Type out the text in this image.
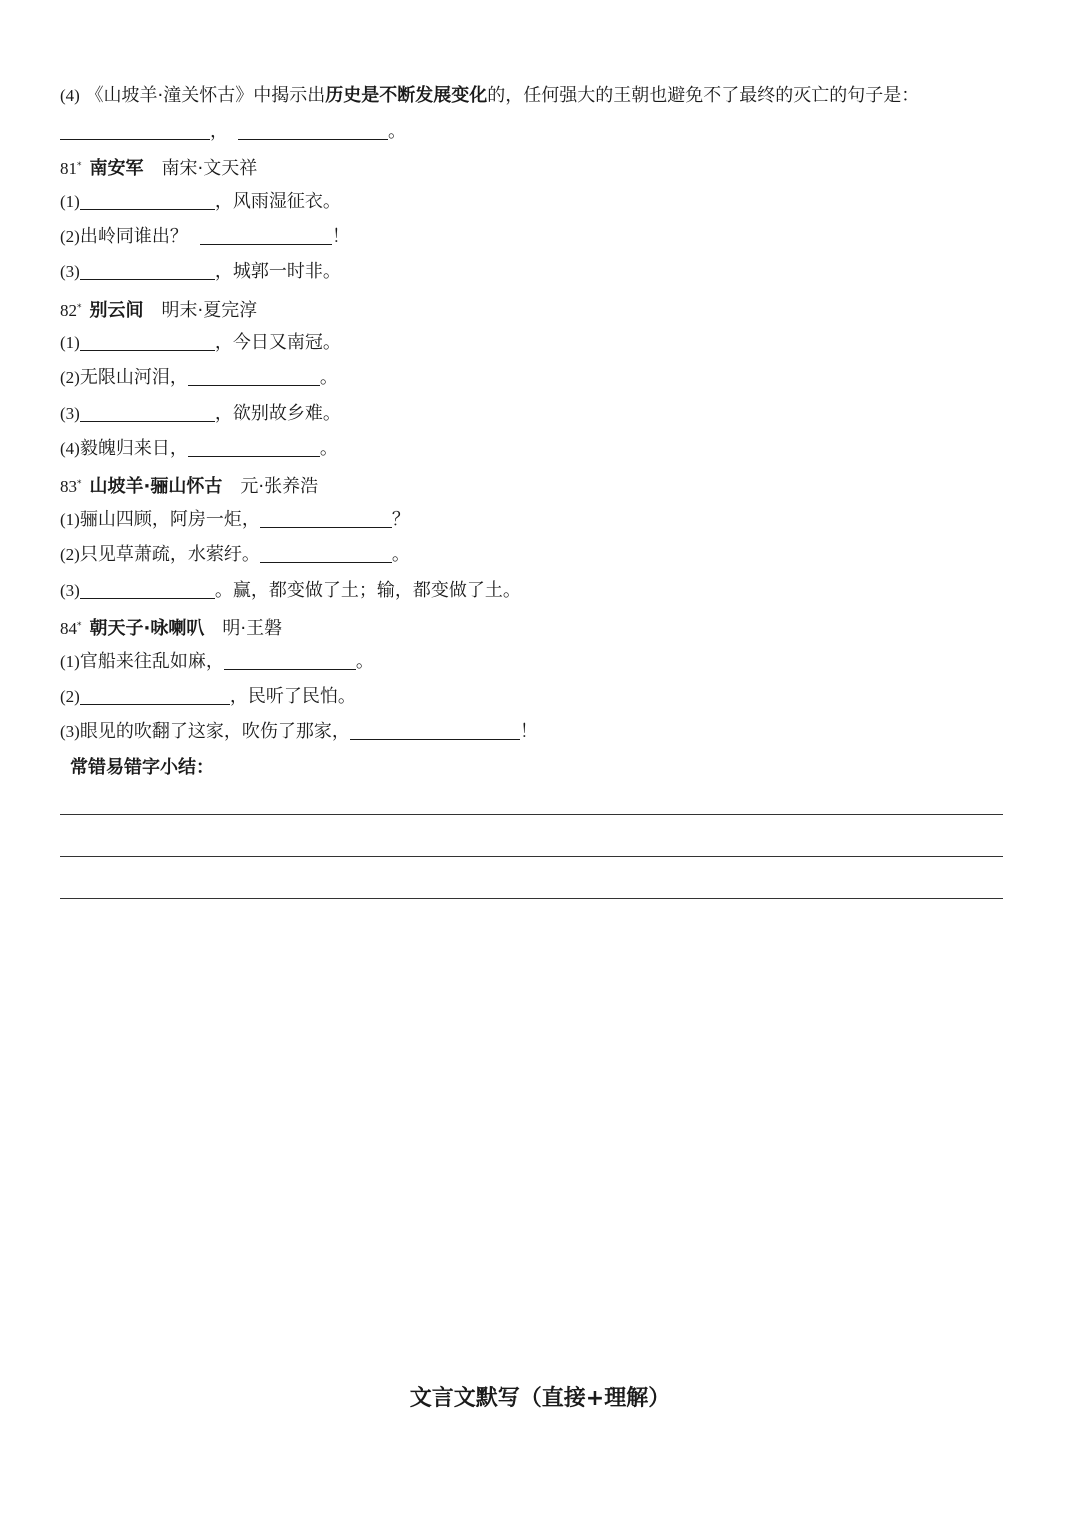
(4) 《山坡羊·潼关怀古》中揭示出历史是不断发展变化的，任何强大的王朝也避免不了最终的灭亡的句子是：
，	。
81* 南安军 南宋·文天祥
(1)	，风雨湿征衣。
(2)出岭同谁出？	！
(3)	，城郭一时非。
82* 别云间 明末·夏完淳
(1)	，今日又南冠。
(2)无限山河泪，	。
(3)	，欲别故乡难。
(4)毅魄归来日，	。
83* 山坡羊·骊山怀古 元·张养浩
(1)骊山四顾，阿房一炬，	？
(2)只见草萧疏，水萦纡。	。
(3)	。赢，都变做了土；输，都变做了土。
84* 朝天子·咏喇叭 明·王磐
(1)官船来往乱如麻，	。
(2)	，民听了民怕。
(3)眼见的吹翻了这家，吹伤了那家，	！
常错易错字小结：
文言文默写（直接+理解）
